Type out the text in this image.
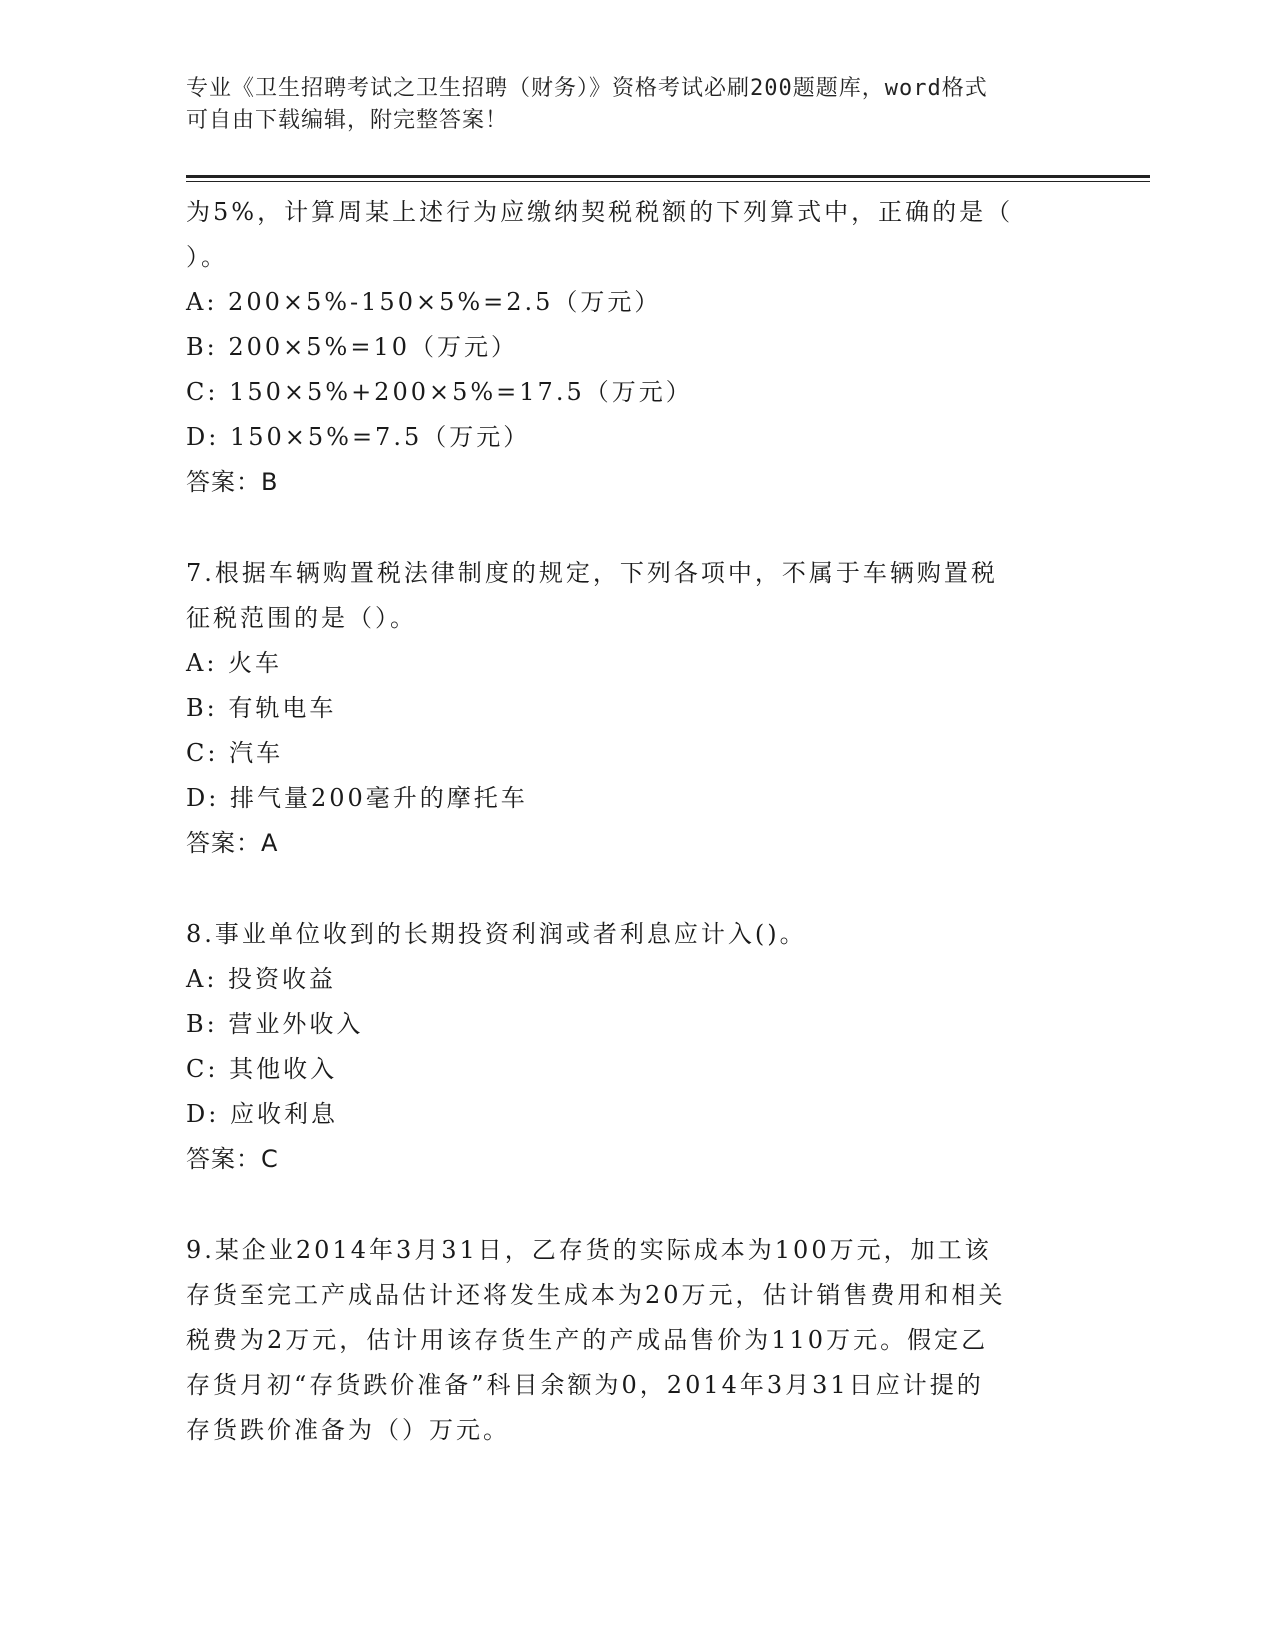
专业《卫生招聘考试之卫生招聘（财务）》资格考试必刷200题题库，word格式
可自由下载编辑，附完整答案！
为5%，计算周某上述行为应缴纳契税税额的下列算式中，正确的是（
）。
A: 200×5%-150×5%=2.5（万元）
B: 200×5%=10（万元）
C: 150×5%+200×5%=17.5（万元）
D: 150×5%=7.5（万元）
答案：B
7.根据车辆购置税法律制度的规定，下列各项中，不属于车辆购置税
征税范围的是（）。
A: 火车
B: 有轨电车
C: 汽车
D: 排气量200毫升的摩托车
答案：A
8.事业单位收到的长期投资利润或者利息应计入()。
A: 投资收益
B: 营业外收入
C: 其他收入
D: 应收利息
答案：C
9.某企业2014年3月31日，乙存货的实际成本为100万元，加工该
存货至完工产成品估计还将发生成本为20万元，估计销售费用和相关
税费为2万元，估计用该存货生产的产成品售价为110万元。假定乙
存货月初“存货跌价准备”科目余额为0，2014年3月31日应计提的
存货跌价准备为（）万元。
